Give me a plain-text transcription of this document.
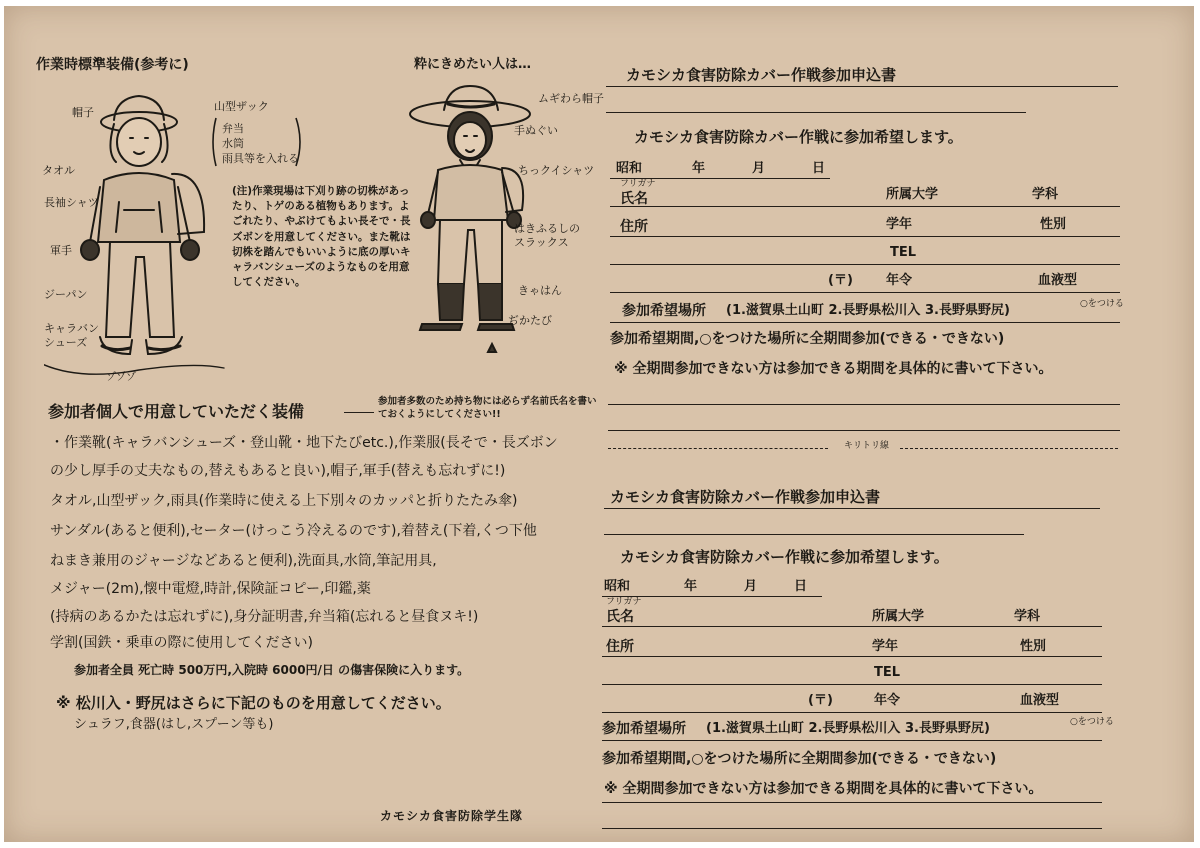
作業時標準装備(参考に)	粋にきめたい人は…
帽子	山型ザック
弁当
水筒
雨具等を入れる
タオル
長袖シャツ
軍手
ジーパン
キャラバンシューズ
ゾゾゾ
(注)作業現場は下刈り跡の切株があったり、トゲのある植物もあります。よごれたり、やぶけてもよい長そで・長ズボンを用意してください。また靴は切株を踏んでもいいように底の厚いキャラバンシューズのようなものを用意してください。
ムギわら帽子
手ぬぐい
ちっクイシャツ
はきふるしのスラックス
きゃはん
ぢかたび
参加者個人で用意していただく装備
参加者多数のため持ち物には必らず名前氏名を書いておくようにしてください!!
・作業靴(キャラバンシューズ・登山靴・地下たびetc.),作業服(長そで・長ズボン
の少し厚手の丈夫なもの,替えもあると良い),帽子,軍手(替えも忘れずに!)
タオル,山型ザック,雨具(作業時に使える上下別々のカッパと折りたたみ傘)
サンダル(あると便利),セーター(けっこう冷えるのです),着替え(下着,くつ下他
ねまき兼用のジャージなどあると便利),洗面具,水筒,筆記用具,
メジャー(2m),懐中電燈,時計,保険証コピー,印鑑,薬
(持病のあるかたは忘れずに),身分証明書,弁当箱(忘れると昼食ヌキ!)
学割(国鉄・乗車の際に使用してください)
参加者全員 死亡時 500万円,入院時 6000円/日 の傷害保険に入ります。
※ 松川入・野尻はさらに下記のものを用意してください。
シュラフ,食器(はし,スプーン等も)
カモシカ食害防除学生隊
カモシカ食害防除カバー作戦参加申込書
カモシカ食害防除カバー作戦に参加希望します。
昭和	年	月	日
フリガナ
氏名	所属大学	学科
住所	学年	性別
TEL
(〒)	年令	血液型
参加希望場所 (1.滋賀県土山町 2.長野県松川入 3.長野県野尻)	○をつける
参加希望期間,○をつけた場所に全期間参加(できる・できない)
※ 全期間参加できない方は参加できる期間を具体的に書いて下さい。
キリトリ線
カモシカ食害防除カバー作戦参加申込書
カモシカ食害防除カバー作戦に参加希望します。
昭和	年	月	日
フリガナ
氏名	所属大学	学科
住所	学年	性別
TEL
(〒)	年令	血液型
参加希望場所 (1.滋賀県土山町 2.長野県松川入 3.長野県野尻)	○をつける
参加希望期間,○をつけた場所に全期間参加(できる・できない)
※ 全期間参加できない方は参加できる期間を具体的に書いて下さい。
